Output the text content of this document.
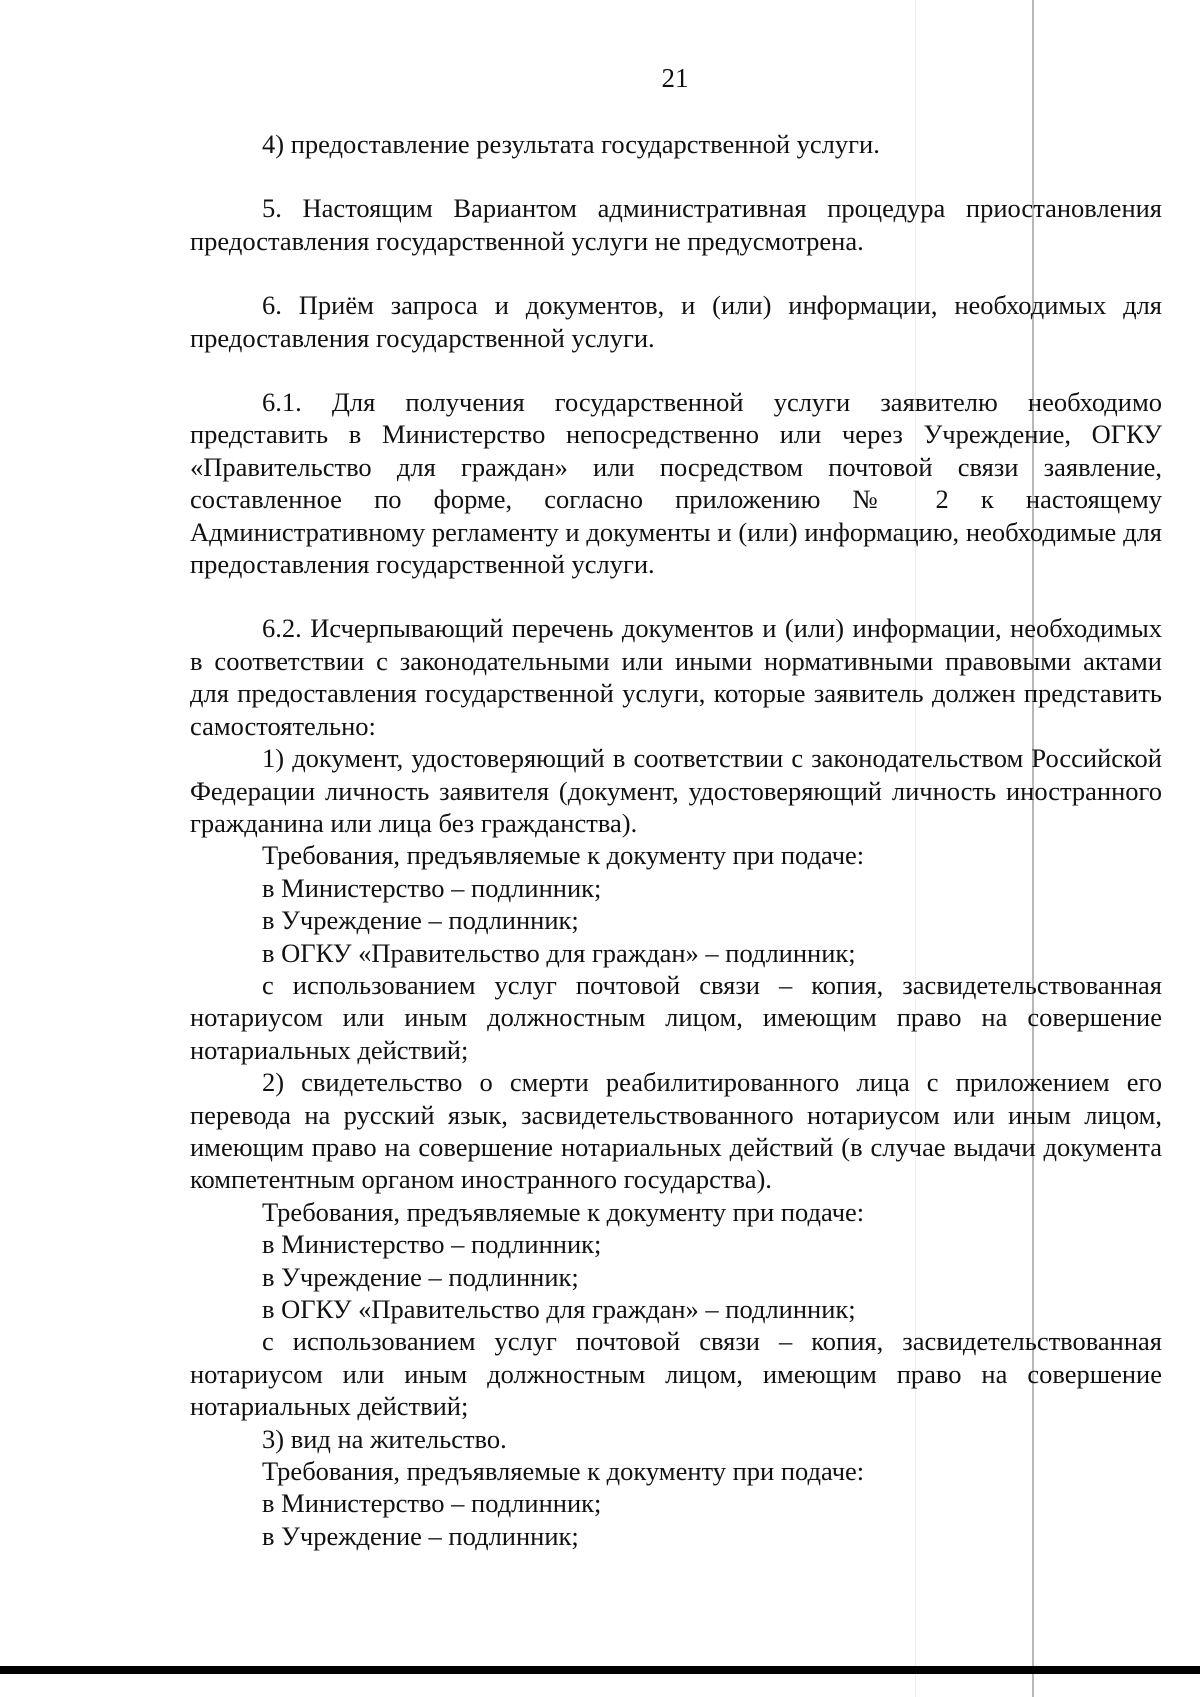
21

4) предоставление результата государственной услуги.

5. Настоящим Вариантом административная процедура приостановления предоставления государственной услуги не предусмотрена.

6. Приём запроса и документов, и (или) информации, необходимых для предоставления государственной услуги.

6.1. Для получения государственной услуги заявителю необходимо представить в Министерство непосредственно или через Учреждение, ОГКУ «Правительство для граждан» или посредством почтовой связи заявление, составленное по форме, согласно приложению № 2 к настоящему Административному регламенту и документы и (или) информацию, необходимые для предоставления государственной услуги.

6.2. Исчерпывающий перечень документов и (или) информации, необходимых в соответствии с законодательными или иными нормативными правовыми актами для предоставления государственной услуги, которые заявитель должен представить самостоятельно:

1) документ, удостоверяющий в соответствии с законодательством Российской Федерации личность заявителя (документ, удостоверяющий личность иностранного гражданина или лица без гражданства).

Требования, предъявляемые к документу при подаче:

в Министерство – подлинник;

в Учреждение – подлинник;

в ОГКУ «Правительство для граждан» – подлинник;

с использованием услуг почтовой связи – копия, засвидетельствованная нотариусом или иным должностным лицом, имеющим право на совершение нотариальных действий;

2) свидетельство о смерти реабилитированного лица с приложением его перевода на русский язык, засвидетельствованного нотариусом или иным лицом, имеющим право на совершение нотариальных действий (в случае выдачи документа компетентным органом иностранного государства).

Требования, предъявляемые к документу при подаче:

в Министерство – подлинник;

в Учреждение – подлинник;

в ОГКУ «Правительство для граждан» – подлинник;

с использованием услуг почтовой связи – копия, засвидетельствованная нотариусом или иным должностным лицом, имеющим право на совершение нотариальных действий;

3) вид на жительство.

Требования, предъявляемые к документу при подаче:

в Министерство – подлинник;

в Учреждение – подлинник;
